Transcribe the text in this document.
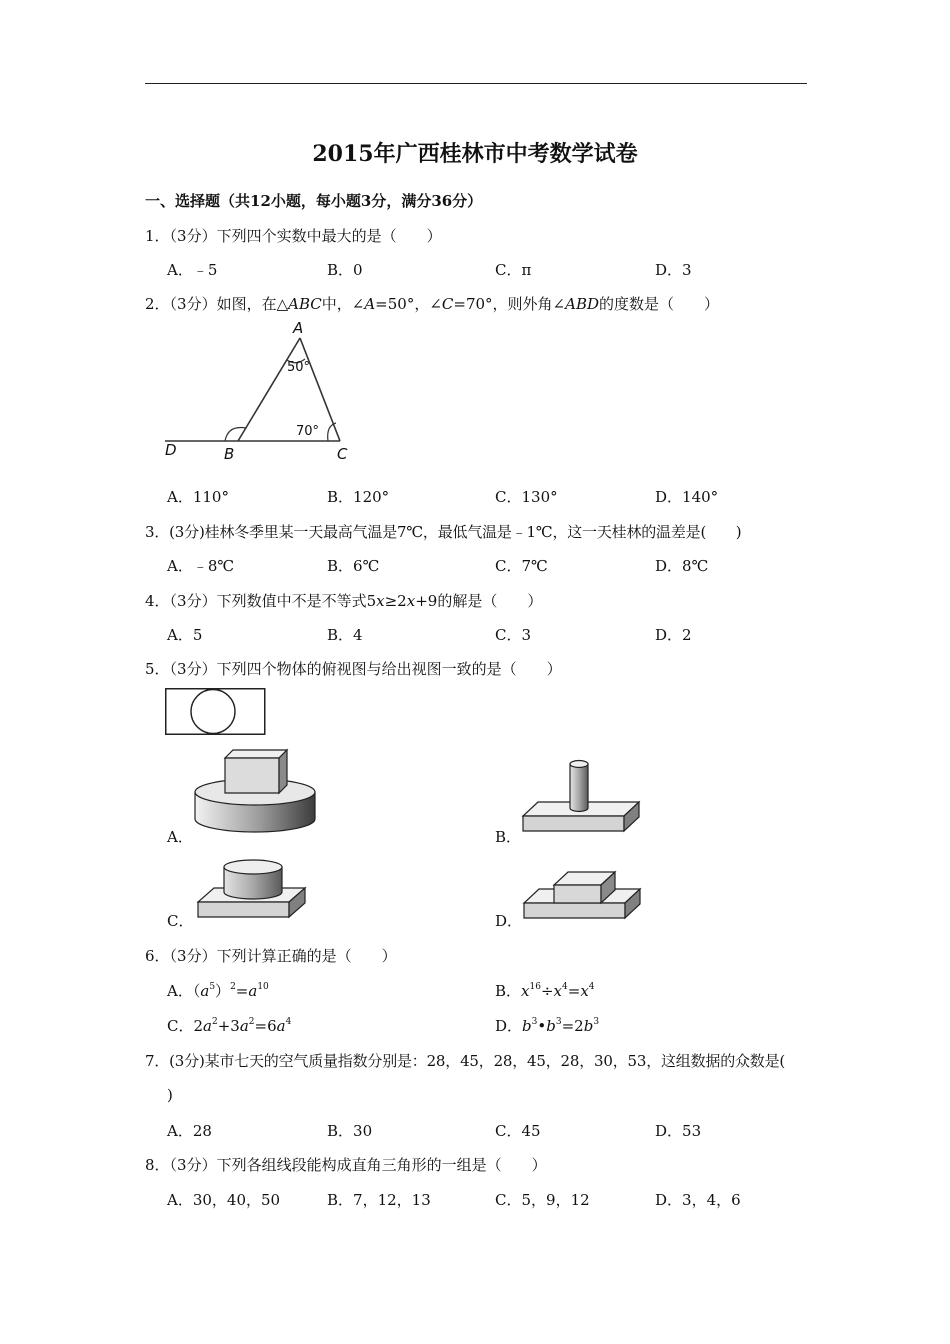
2015年广西桂林市中考数学试卷
一、选择题（共12小题，每小题3分，满分36分）
1．（3分）下列四个实数中最大的是（　　）
A．﹣5	B．0	C．π	D．3
2．（3分）如图，在△ABC中，∠A=50°，∠C=70°，则外角∠ABD的度数是（　　）
A
D	B	C
50°
70°
A．110°	B．120°	C．130°	D．140°
3．(3分)桂林冬季里某一天最高气温是7℃，最低气温是﹣1℃，这一天桂林的温差是(　　)
A．﹣8℃	B．6℃	C．7℃	D．8℃
4．（3分）下列数值中不是不等式5x≥2x+9的解是（　　）
A．5	B．4	C．3	D．2
5．（3分）下列四个物体的俯视图与给出视图一致的是（　　）
A．	B．
C．	D．
6．（3分）下列计算正确的是（　　）
A．$(a^5)^2=a^{10}$	B．$x^{16}\div x^4=x^4$
C．$2a^2+3a^2=6a^4$	D．$b^3•b^3=2b^3$
7．(3分)某市七天的空气质量指数分别是：28，45，28，45，28，30，53，这组数据的众数是(
)
A．28	B．30	C．45	D．53
8．（3分）下列各组线段能构成直角三角形的一组是（　　）
A．30，40，50	B．7，12，13	C．5，9，12	D．3，4，6
